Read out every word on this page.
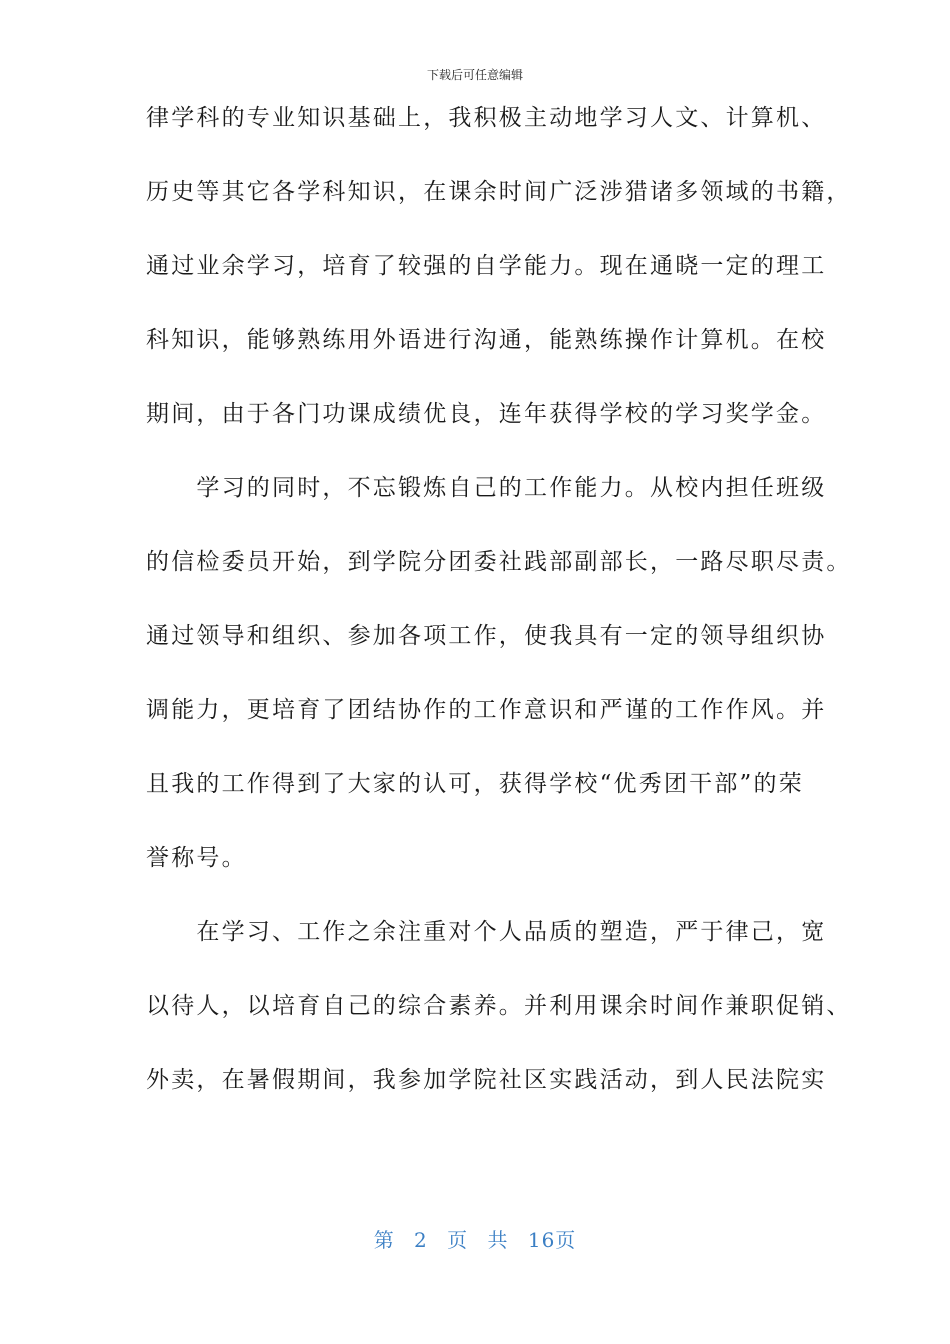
下载后可任意编辑
律学科的专业知识基础上，我积极主动地学习人文、计算机、
历史等其它各学科知识，在课余时间广泛涉猎诸多领域的书籍，
通过业余学习，培育了较强的自学能力。现在通晓一定的理工
科知识，能够熟练用外语进行沟通，能熟练操作计算机。在校
期间，由于各门功课成绩优良，连年获得学校的学习奖学金。
　　学习的同时，不忘锻炼自己的工作能力。从校内担任班级
的信检委员开始，到学院分团委社践部副部长，一路尽职尽责。
通过领导和组织、参加各项工作，使我具有一定的领导组织协
调能力，更培育了团结协作的工作意识和严谨的工作作风。并
且我的工作得到了大家的认可，获得学校“优秀团干部”的荣
誉称号。
　　在学习、工作之余注重对个人品质的塑造，严于律己，宽
以待人，以培育自己的综合素养。并利用课余时间作兼职促销、
外卖，在暑假期间，我参加学院社区实践活动，到人民法院实
第 2 页 共 16页
